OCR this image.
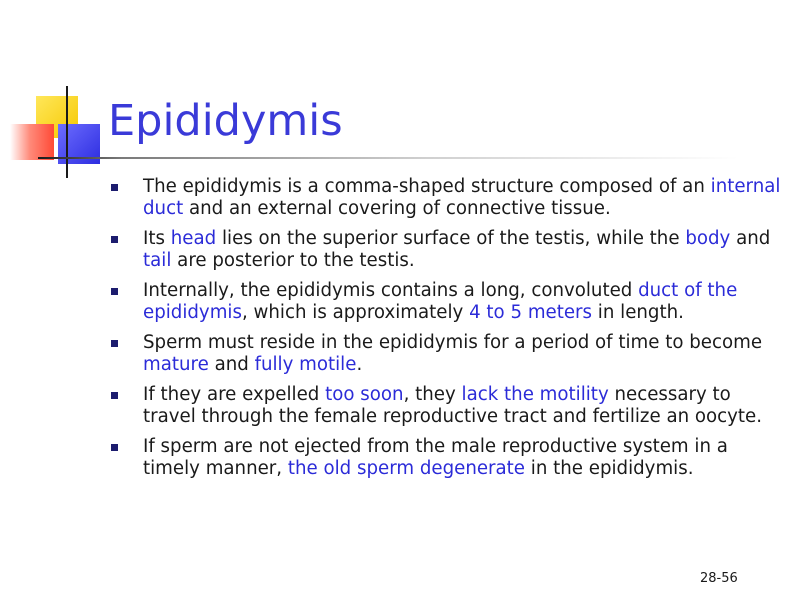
Epididymis
The epididymis is a comma-shaped structure composed of an internal duct and an external covering of connective tissue.
Its head lies on the superior surface of the testis, while the body and tail are posterior to the testis.
Internally, the epididymis contains a long, convoluted duct of the epididymis, which is approximately 4 to 5 meters in length.
Sperm must reside in the epididymis for a period of time to become mature and fully motile.
If they are expelled too soon, they lack the motility necessary to travel through the female reproductive tract and fertilize an oocyte.
If sperm are not ejected from the male reproductive system in a timely manner, the old sperm degenerate in the epididymis.
28-56
